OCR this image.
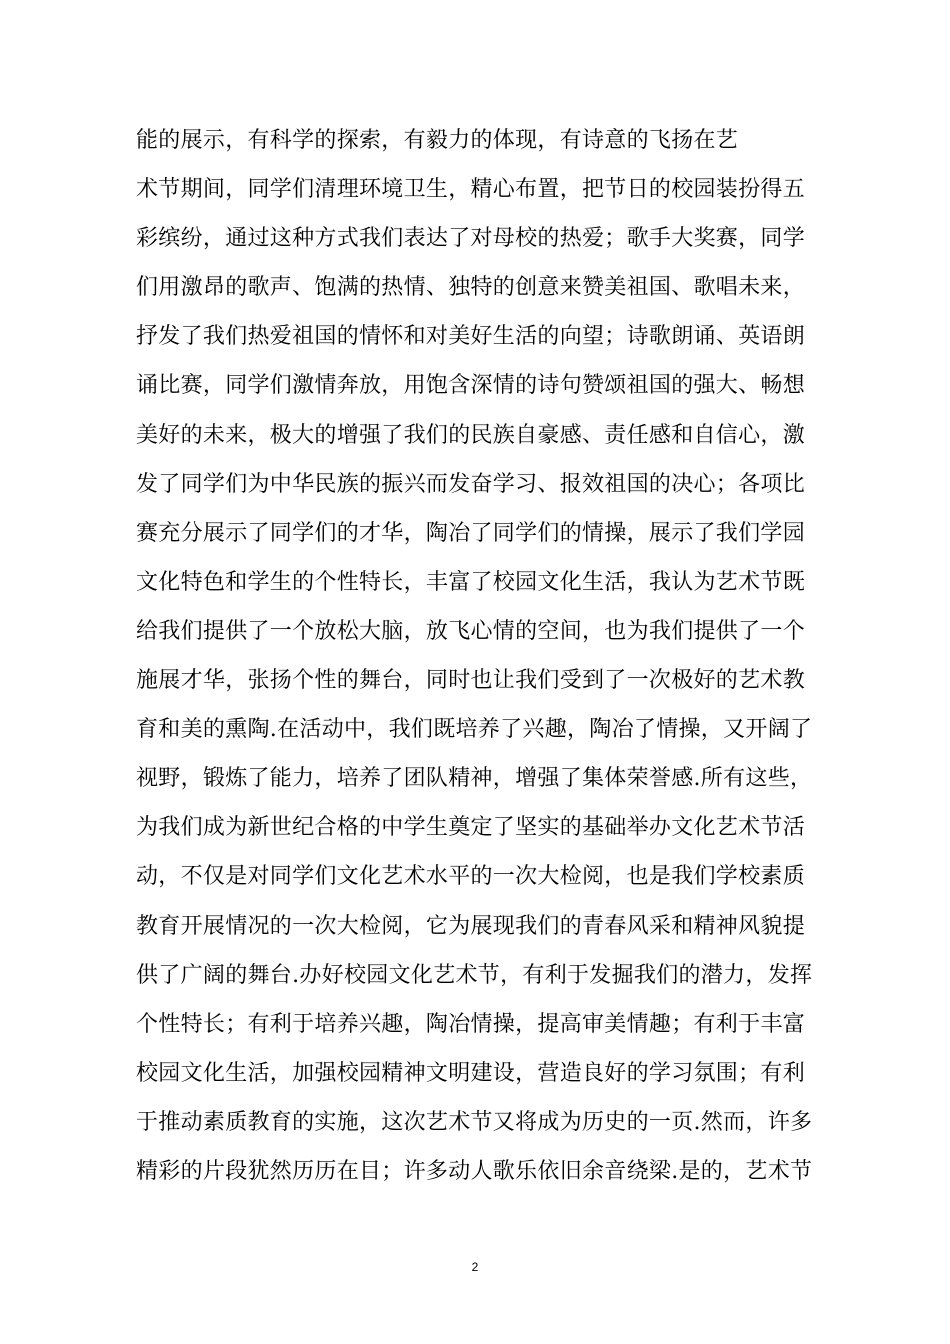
能的展示，有科学的探索，有毅力的体现，有诗意的飞扬在艺
术节期间，同学们清理环境卫生，精心布置，把节日的校园装扮得五
彩缤纷，通过这种方式我们表达了对母校的热爱；歌手大奖赛，同学
们用激昂的歌声、饱满的热情、独特的创意来赞美祖国、歌唱未来，
抒发了我们热爱祖国的情怀和对美好生活的向望；诗歌朗诵、英语朗
诵比赛，同学们激情奔放，用饱含深情的诗句赞颂祖国的强大、畅想
美好的未来，极大的增强了我们的民族自豪感、责任感和自信心，激
发了同学们为中华民族的振兴而发奋学习、报效祖国的决心；各项比
赛充分展示了同学们的才华，陶冶了同学们的情操，展示了我们学园
文化特色和学生的个性特长，丰富了校园文化生活，我认为艺术节既
给我们提供了一个放松大脑，放飞心情的空间，也为我们提供了一个
施展才华，张扬个性的舞台，同时也让我们受到了一次极好的艺术教
育和美的熏陶.在活动中，我们既培养了兴趣，陶冶了情操，又开阔了
视野，锻炼了能力，培养了团队精神，增强了集体荣誉感.所有这些，
为我们成为新世纪合格的中学生奠定了坚实的基础举办文化艺术节活
动，不仅是对同学们文化艺术水平的一次大检阅，也是我们学校素质
教育开展情况的一次大检阅，它为展现我们的青春风采和精神风貌提
供了广阔的舞台.办好校园文化艺术节，有利于发掘我们的潜力，发挥
个性特长；有利于培养兴趣，陶冶情操，提高审美情趣；有利于丰富
校园文化生活，加强校园精神文明建设，营造良好的学习氛围；有利
于推动素质教育的实施，这次艺术节又将成为历史的一页.然而，许多
精彩的片段犹然历历在目；许多动人歌乐依旧余音绕梁.是的，艺术节
2
